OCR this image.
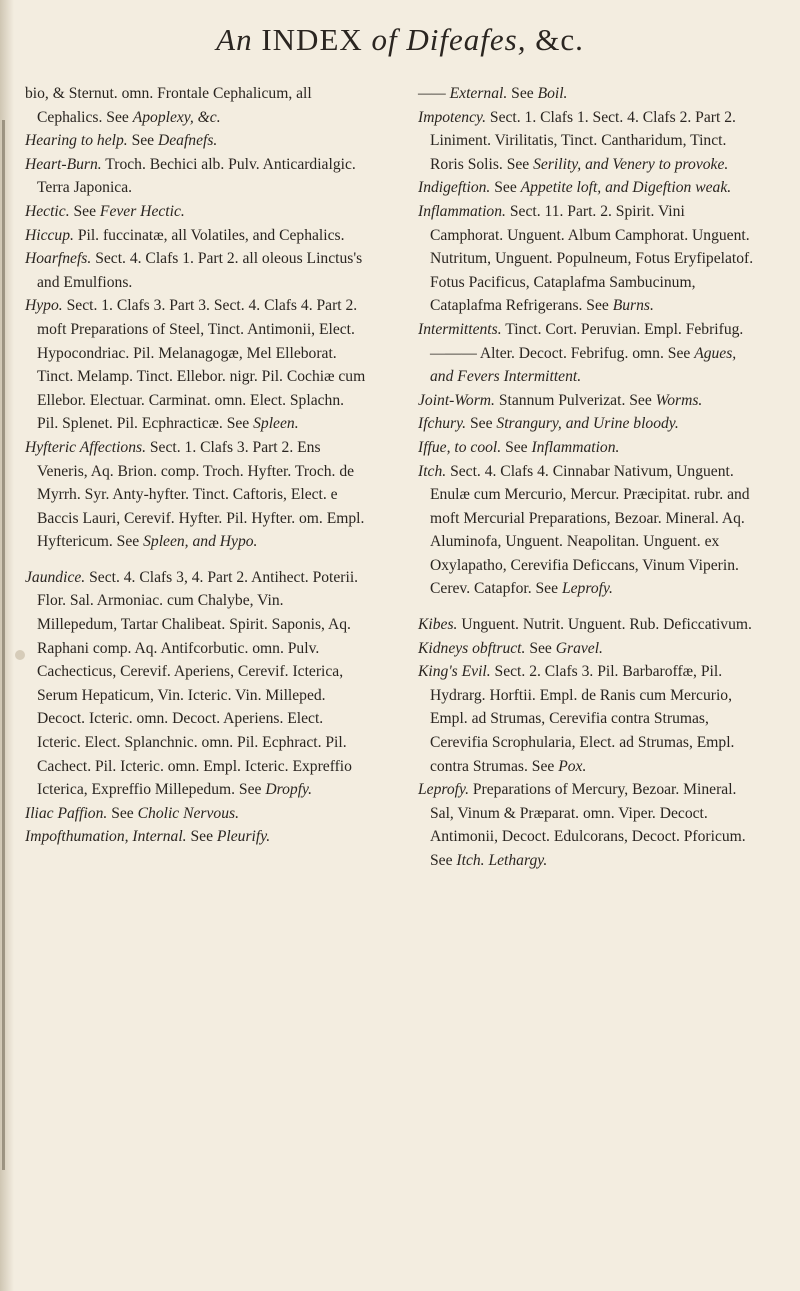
An INDEX of Difeafes, &c.
bio, & Sternut. omn. Frontale Cephalicum, all Cephalics. See Apoplexy, &c.
Hearing to help. See Deafnefs.
Heart-Burn. Troch. Bechici alb. Pulv. Anticardialgic. Terra Japonica.
Hectic. See Fever Hectic.
Hiccup. Pil. fuccinatæ, all Volatiles, and Cephalics.
Hoarfnefs. Sect. 4. Clafs 1. Part 2. all oleous Linctus's and Emulfions.
Hypo. Sect. 1. Clafs 3. Part 3. Sect. 4. Clafs 4. Part 2. moft Preparations of Steel, Tinct. Antimonii, Elect. Hypocondriac. Pil. Melanagogæ, Mel Elleborat. Tinct. Melamp. Tinct. Ellebor. nigr. Pil. Cochiæ cum Ellebor. Electuar. Carminat. omn. Elect. Splachn. Pil. Splenet. Pil. Ecphracticæ. See Spleen.
Hyfteric Affections. Sect. 1. Clafs 3. Part 2. Ens Veneris, Aq. Brion. comp. Troch. Hyfter. Troch. de Myrrh. Syr. Anty-hyfter. Tinct. Caftoris, Elect. e Baccis Lauri, Cerevif. Hyfter. Pil. Hyfter. om. Empl. Hyftericum. See Spleen, and Hypo.
Jaundice. Sect. 4. Clafs 3, 4. Part 2. Antihect. Poterii. Flor. Sal. Armoniac. cum Chalybe, Vin. Millepedum, Tartar Chalibeat. Spirit. Saponis, Aq. Raphani comp. Aq. Antifcorbutic. omn. Pulv. Cachecticus, Cerevif. Aperiens, Cerevif. Icterica, Serum Hepaticum, Vin. Icteric. Vin. Milleped. Decoct. Icteric. omn. Decoct. Aperiens. Elect. Icteric. Elect. Splanchnic. omn. Pil. Ecphract. Pil. Cachect. Pil. Icteric. omn. Empl. Icteric. Expreffio Icterica, Expreffio Millepedum. See Dropfy.
Iliac Paffion. See Cholic Nervous.
Impofthumation, Internal. See Pleurify.
—— External. See Boil.
Impotency. Sect. 1. Clafs 1. Sect. 4. Clafs 2. Part 2. Liniment. Virilitatis, Tinct. Cantharidum, Tinct. Roris Solis. See Serility, and Venery to provoke.
Indigeftion. See Appetite loft, and Digeftion weak.
Inflammation. Sect. 11. Part. 2. Spirit. Vini Camphorat. Unguent. Album Camphorat. Unguent. Nutritum, Unguent. Populneum, Fotus Eryfipelatof. Fotus Pacificus, Cataplafma Sambucinum, Cataplafma Refrigerans. See Burns.
Intermittents. Tinct. Cort. Peruvian. Empl. Febrifug. ——— Alter. Decoct. Febrifug. omn. See Agues, and Fevers Intermittent.
Joint-Worm. Stannum Pulverizat. See Worms.
Ifchury. See Strangury, and Urine bloody.
Iffue, to cool. See Inflammation.
Itch. Sect. 4. Clafs 4. Cinnabar Nativum, Unguent. Enulæ cum Mercurio, Mercur. Præcipitat. rubr. and moft Mercurial Preparations, Bezoar. Mineral. Aq. Aluminofa, Unguent. Neapolitan. Unguent. ex Oxylapatho, Cerevifia Deficcans, Vinum Viperin. Cerev. Catapfor. See Leprofy.
Kibes. Unguent. Nutrit. Unguent. Rub. Deficcativum.
Kidneys obftruct. See Gravel.
King's Evil. Sect. 2. Clafs 3. Pil. Barbaroffæ, Pil. Hydrarg. Horftii. Empl. de Ranis cum Mercurio, Empl. ad Strumas, Cerevifia contra Strumas, Cerevifia Scrophularia, Elect. ad Strumas, Empl. contra Strumas. See Pox.
Leprofy. Preparations of Mercury, Bezoar. Mineral. Sal, Vinum & Præparat. omn. Viper. Decoct. Antimonii, Decoct. Edulcorans, Decoct. Pforicum. See Itch. Lethargy.
